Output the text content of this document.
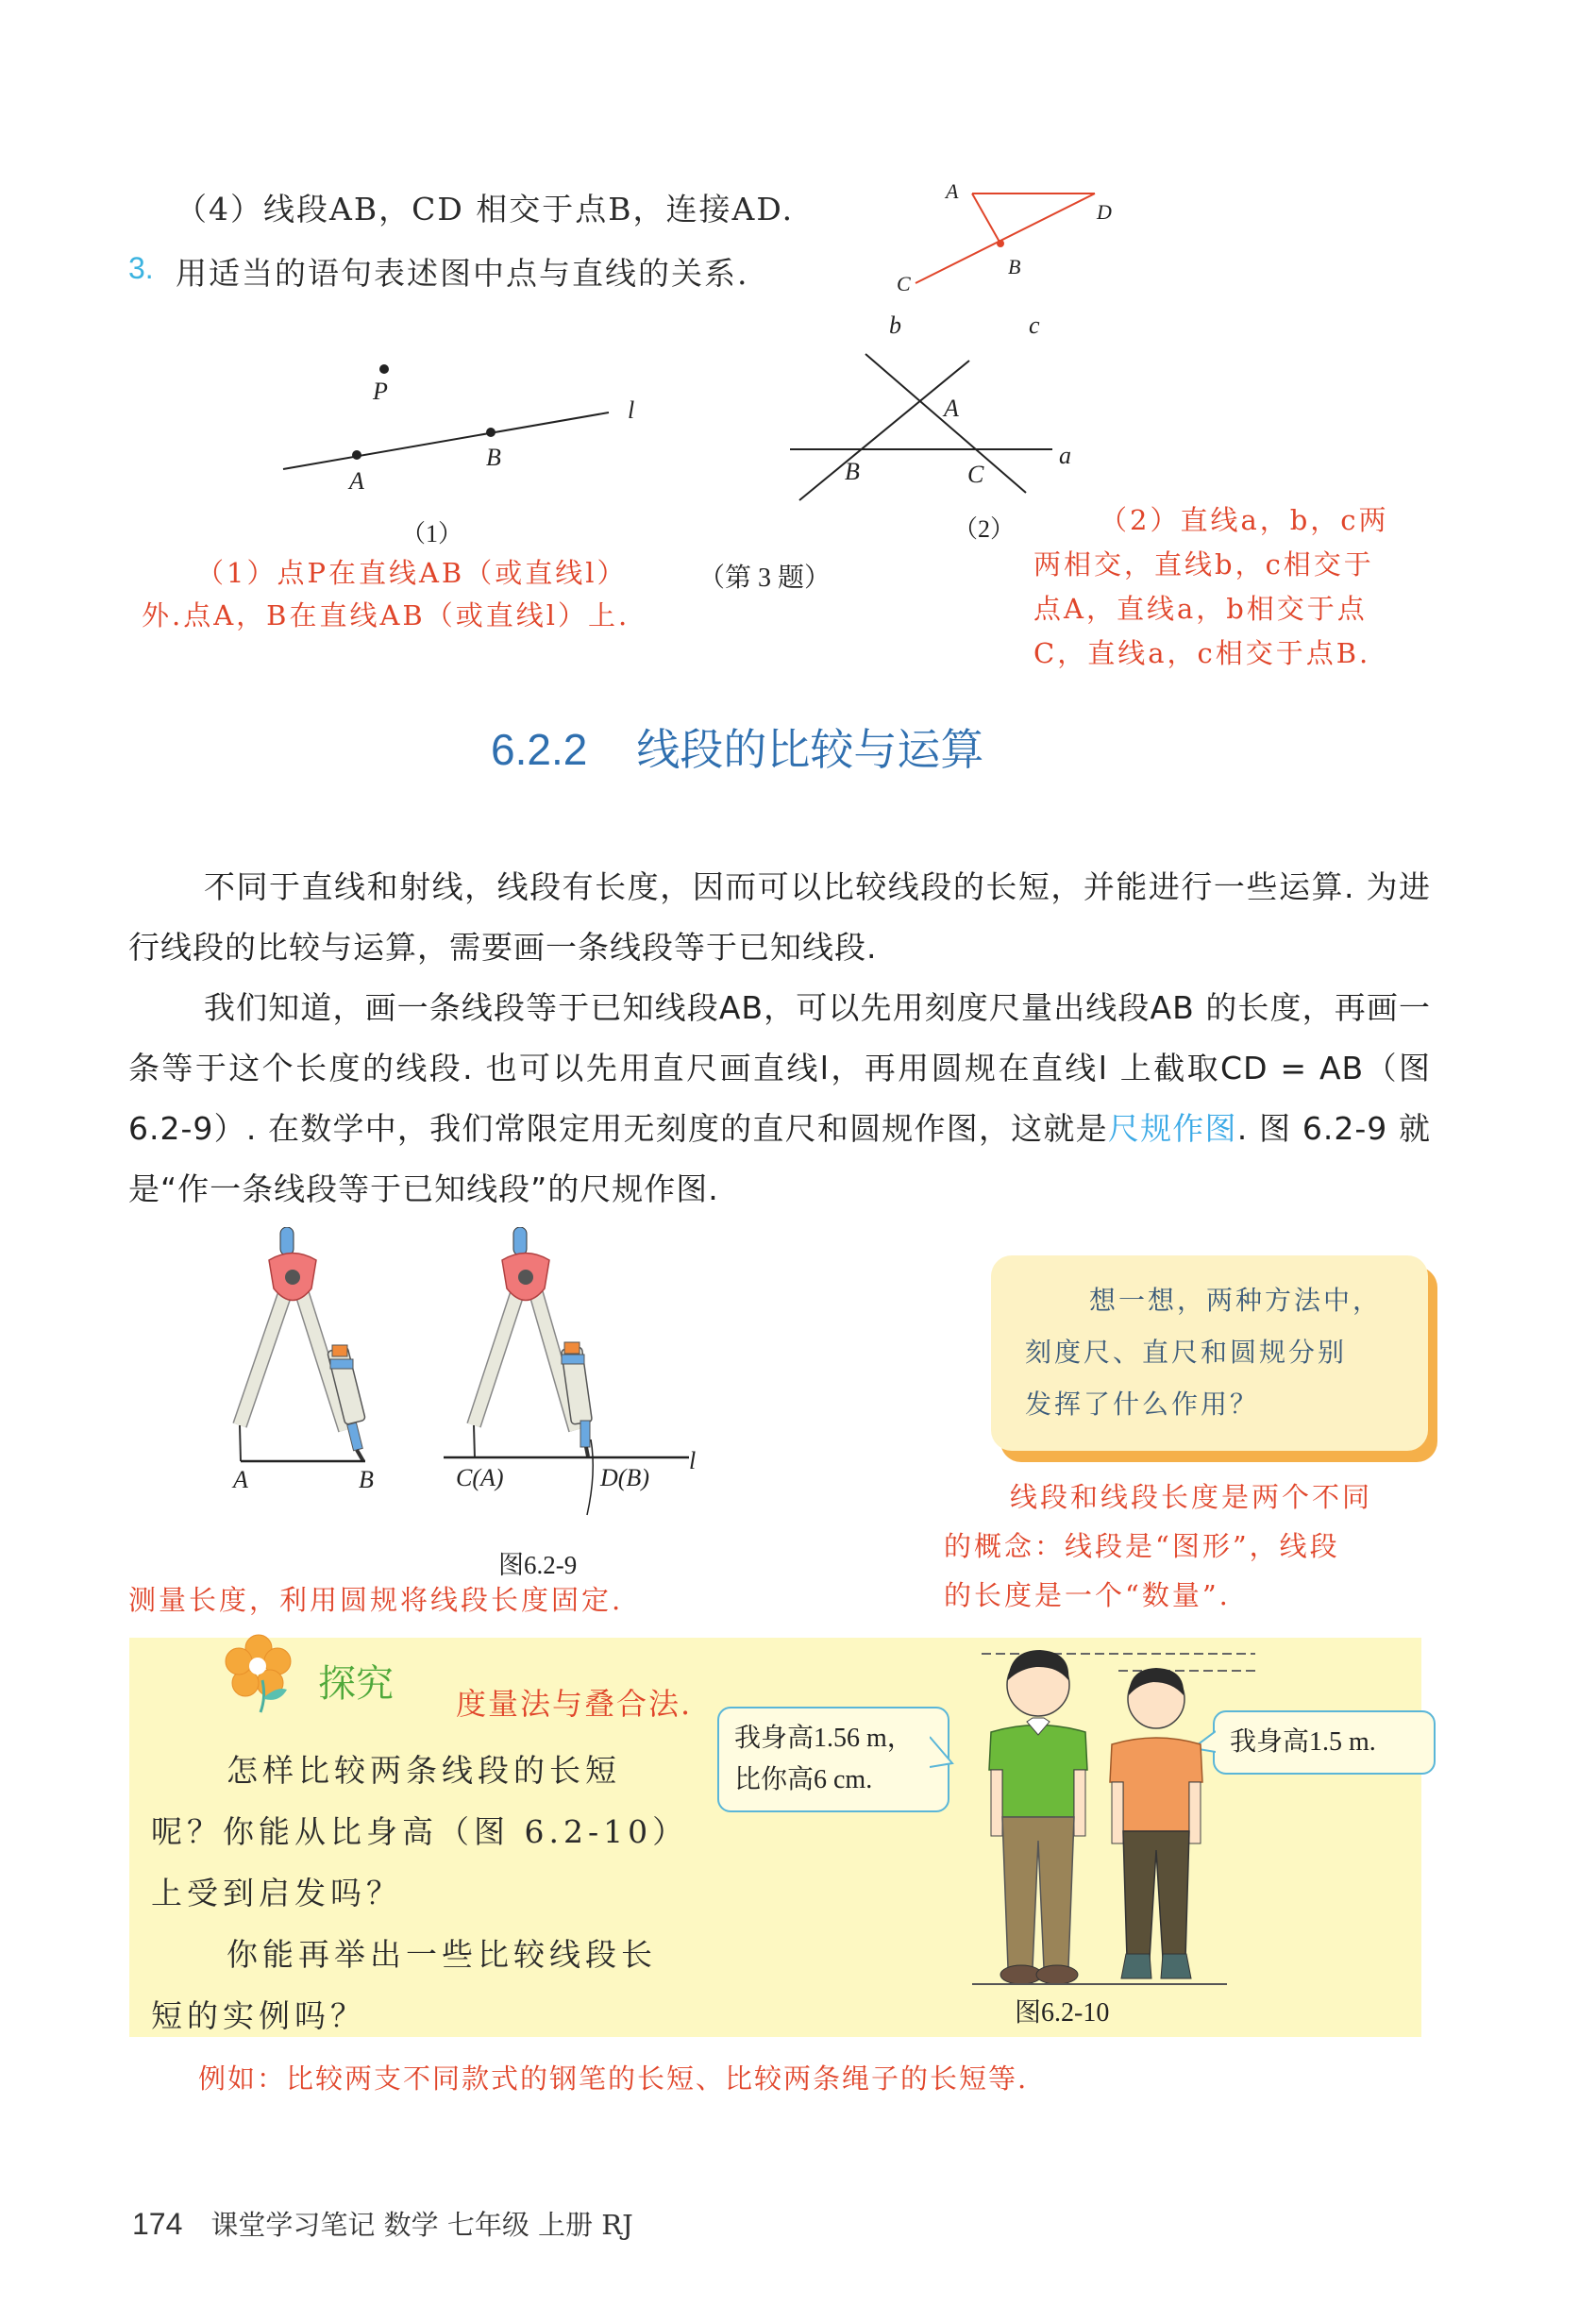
（4）线段AB，CD 相交于点B，连接AD.
3. 用适当的语句表述图中点与直线的关系.
A
D
B
C
P
A
B
l
（1）
b	c
A
a
B	C
（2）
（第 3 题）
（1）点P在直线AB（或直线l）
外.点A，B在直线AB（或直线l）上.
（2）直线a，b，c两
两相交，直线b，c相交于
点A，直线a，b相交于点
C，直线a，c相交于点B.
6.2.2 线段的比较与运算

不同于直线和射线，线段有长度，因而可以比较线段的长短，并能进行一些运算. 为进行线段的比较与运算，需要画一条线段等于已知线段.

我们知道，画一条线段等于已知线段AB，可以先用刻度尺量出线段AB 的长度，再画一条等于这个长度的线段. 也可以先用直尺画直线l，再用圆规在直线l 上截取CD = AB（图 6.2-9）. 在数学中，我们常限定用无刻度的直尺和圆规作图，这就是尺规作图. 图 6.2-9 就是“作一条线段等于已知线段”的尺规作图.

A	B	C(A)	D(B)
l
图6.2-9
想一想，两种方法中，
刻度尺、直尺和圆规分别
发挥了什么作用？
线段和线段长度是两个不同
的概念：线段是“图形”，线段
的长度是一个“数量”.
测量长度，利用圆规将线段长度固定.
探究 度量法与叠合法.

怎样比较两条线段的长短呢？你能从比身高（图 6.2-10）上受到启发吗？

你能再举出一些比较线段长短的实例吗？

我身高1.56 m，
比你高6 cm.
我身高1.5 m.
图6.2-10
例如：比较两支不同款式的钢笔的长短、比较两条绳子的长短等.
174 课堂学习笔记 数学 七年级 上册 RJ
